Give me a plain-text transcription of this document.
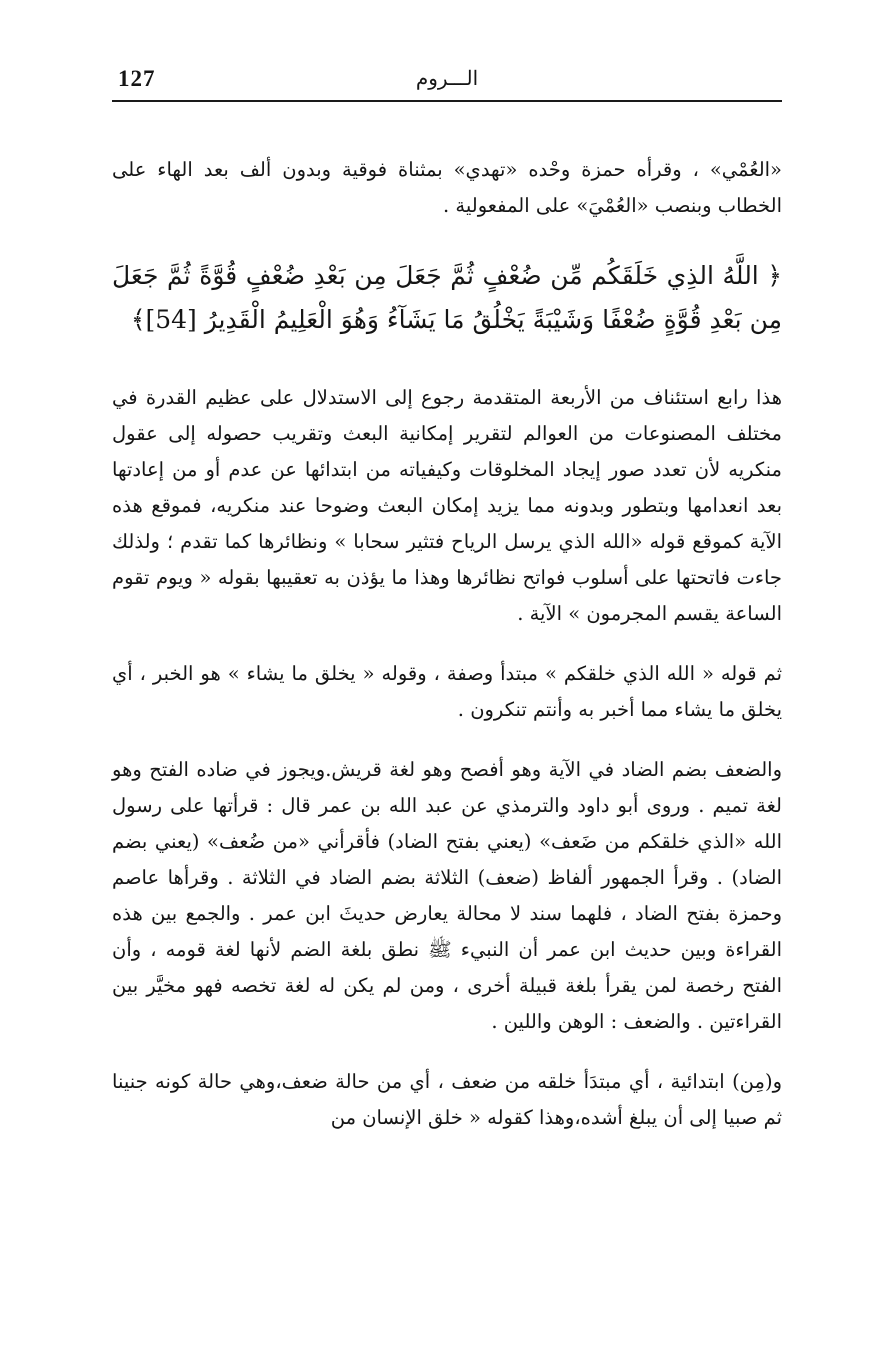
127	الـــروم

«العُمْي» ، وقرأه حمزة وحْده «تهدي» بمثناة فوقية وبدون ألف بعد الهاء على الخطاب وبنصب «العُمْيَ» على المفعولية .

﴿ اللَّهُ الذِي خَلَقَكُم مِّن ضُعْفٍ ثُمَّ جَعَلَ مِن بَعْدِ ضُعْفٍ قُوَّةً ثُمَّ جَعَلَ مِن بَعْدِ قُوَّةٍ ضُعْفًا وَشَيْبَةً يَخْلُقُ مَا يَشَآءُ وَهُوَ الْعَلِيمُ الْقَدِيرُ [54]﴾

هذا رابع استئناف من الأربعة المتقدمة رجوع إلى الاستدلال على عظيم القدرة في مختلف المصنوعات من العوالم لتقرير إمكانية البعث وتقريب حصوله إلى عقول منكريه لأن تعدد صور إيجاد المخلوقات وكيفياته من ابتدائها عن عدم أو من إعادتها بعد انعدامها وبتطور وبدونه مما يزيد إمكان البعث وضوحا عند منكريه، فموقع هذه الآية كموقع قوله «الله الذي يرسل الرياح فتثير سحابا » ونظائرها كما تقدم ؛ ولذلك جاءت فاتحتها على أسلوب فواتح نظائرها وهذا ما يؤذن به تعقيبها بقوله « ويوم تقوم الساعة يقسم المجرمون » الآية .

ثم قوله « الله الذي خلقكم » مبتدأ وصفة ، وقوله « يخلق ما يشاء » هو الخبر ، أي يخلق ما يشاء مما أخبر به وأنتم تنكرون .

والضعف بضم الضاد في الآية وهو أفصح وهو لغة قريش.ويجوز في ضاده الفتح وهو لغة تميم . وروى أبو داود والترمذي عن عبد الله بن عمر قال : قرأتها على رسول الله «الذي خلقكم من ضَعف» (يعني بفتح الضاد) فأقرأني «من ضُعف» (يعني بضم الضاد) . وقرأ الجمهور ألفاظ (ضعف) الثلاثة بضم الضاد في الثلاثة . وقرأها عاصم وحمزة بفتح الضاد ، فلهما سند لا محالة يعارض حديثَ ابن عمر . والجمع بين هذه القراءة وبين حديث ابن عمر أن النبيء ﷺ نطق بلغة الضم لأنها لغة قومه ، وأن الفتح رخصة لمن يقرأ بلغة قبيلة أخرى ، ومن لم يكن له لغة تخصه فهو مخيَّر بين القراءتين . والضعف : الوهن واللين .

و(مِن) ابتدائية ، أي مبتدَأ خلقه من ضعف ، أي من حالة ضعف،وهي حالة كونه جنينا ثم صبيا إلى أن يبلغ أشده،وهذا كقوله « خلق الإنسان من
